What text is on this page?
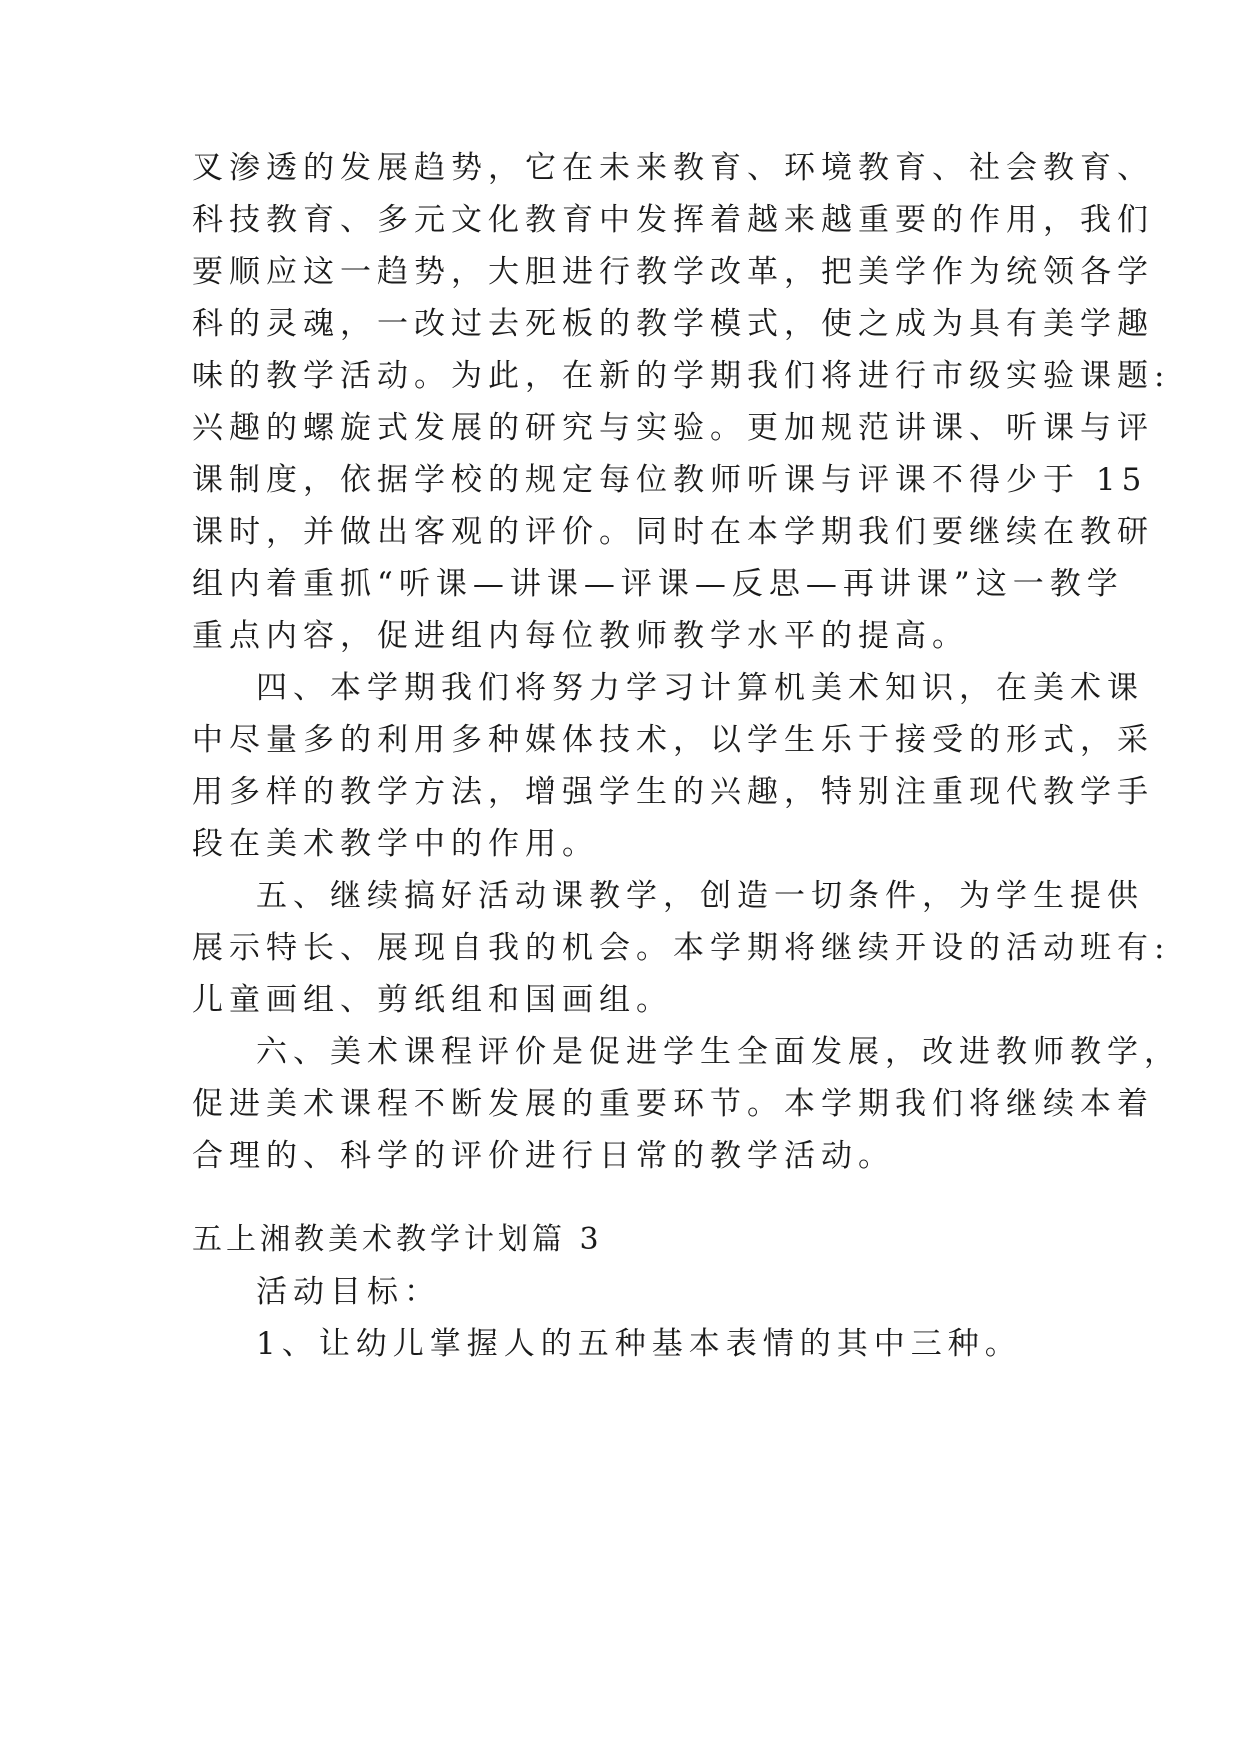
叉渗透的发展趋势，它在未来教育、环境教育、社会教育、
科技教育、多元文化教育中发挥着越来越重要的作用，我们
要顺应这一趋势，大胆进行教学改革，把美学作为统领各学
科的灵魂，一改过去死板的教学模式，使之成为具有美学趣
味的教学活动。为此，在新的学期我们将进行市级实验课题:
兴趣的螺旋式发展的研究与实验。更加规范讲课、听课与评
课制度，依据学校的规定每位教师听课与评课不得少于 15
课时，并做出客观的评价。同时在本学期我们要继续在教研
组内着重抓“听课—讲课—评课—反思—再讲课”这一教学
重点内容，促进组内每位教师教学水平的提高。
四、本学期我们将努力学习计算机美术知识，在美术课
中尽量多的利用多种媒体技术，以学生乐于接受的形式，采
用多样的教学方法，增强学生的兴趣，特别注重现代教学手
段在美术教学中的作用。
五、继续搞好活动课教学，创造一切条件，为学生提供
展示特长、展现自我的机会。本学期将继续开设的活动班有:
儿童画组、剪纸组和国画组。
六、美术课程评价是促进学生全面发展，改进教师教学，
促进美术课程不断发展的重要环节。本学期我们将继续本着
合理的、科学的评价进行日常的教学活动。
五上湘教美术教学计划篇 3
活动目标：
1、让幼儿掌握人的五种基本表情的其中三种。
